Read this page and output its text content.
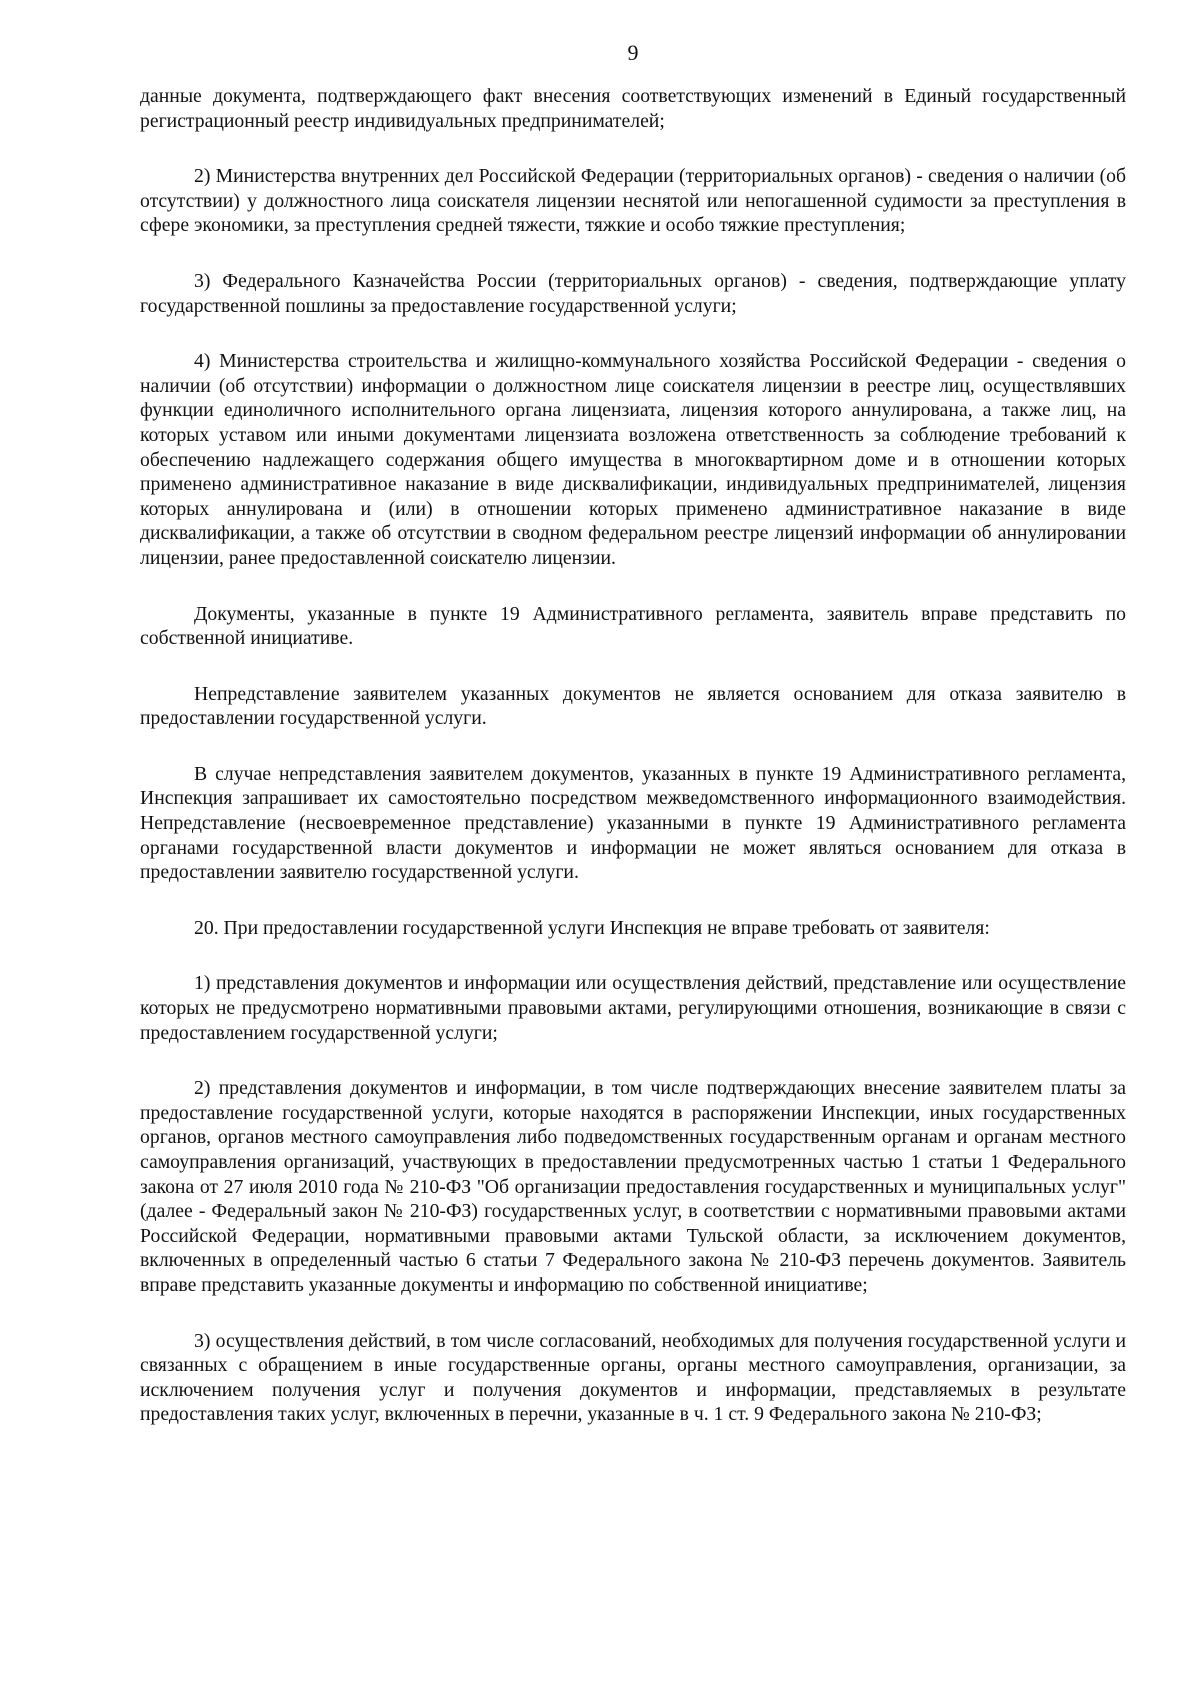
9

данные документа, подтверждающего факт внесения соответствующих изменений в Единый государственный регистрационный реестр индивидуальных предпринимателей;

2) Министерства внутренних дел Российской Федерации (территориальных органов) - сведения о наличии (об отсутствии) у должностного лица соискателя лицензии неснятой или непогашенной судимости за преступления в сфере экономики, за преступления средней тяжести, тяжкие и особо тяжкие преступления;

3) Федерального Казначейства России (территориальных органов) - сведения, подтверждающие уплату государственной пошлины за предоставление государственной услуги;

4) Министерства строительства и жилищно-коммунального хозяйства Российской Федерации - сведения о наличии (об отсутствии) информации о должностном лице соискателя лицензии в реестре лиц, осуществлявших функции единоличного исполнительного органа лицензиата, лицензия которого аннулирована, а также лиц, на которых уставом или иными документами лицензиата возложена ответственность за соблюдение требований к обеспечению надлежащего содержания общего имущества в многоквартирном доме и в отношении которых применено административное наказание в виде дисквалификации, индивидуальных предпринимателей, лицензия которых аннулирована и (или) в отношении которых применено административное наказание в виде дисквалификации, а также об отсутствии в сводном федеральном реестре лицензий информации об аннулировании лицензии, ранее предоставленной соискателю лицензии.

Документы, указанные в пункте 19 Административного регламента, заявитель вправе представить по собственной инициативе.

Непредставление заявителем указанных документов не является основанием для отказа заявителю в предоставлении государственной услуги.

В случае непредставления заявителем документов, указанных в пункте 19 Административного регламента, Инспекция запрашивает их самостоятельно посредством межведомственного информационного взаимодействия. Непредставление (несвоевременное представление) указанными в пункте 19 Административного регламента органами государственной власти документов и информации не может являться основанием для отказа в предоставлении заявителю государственной услуги.

20. При предоставлении государственной услуги Инспекция не вправе требовать от заявителя:

1) представления документов и информации или осуществления действий, представление или осуществление которых не предусмотрено нормативными правовыми актами, регулирующими отношения, возникающие в связи с предоставлением государственной услуги;

2) представления документов и информации, в том числе подтверждающих внесение заявителем платы за предоставление государственной услуги, которые находятся в распоряжении Инспекции, иных государственных органов, органов местного самоуправления либо подведомственных государственным органам и органам местного самоуправления организаций, участвующих в предоставлении предусмотренных частью 1 статьи 1 Федерального закона от 27 июля 2010 года № 210-ФЗ "Об организации предоставления государственных и муниципальных услуг" (далее - Федеральный закон № 210-ФЗ) государственных услуг, в соответствии с нормативными правовыми актами Российской Федерации, нормативными правовыми актами Тульской области, за исключением документов, включенных в определенный частью 6 статьи 7 Федерального закона № 210-ФЗ перечень документов. Заявитель вправе представить указанные документы и информацию по собственной инициативе;

3) осуществления действий, в том числе согласований, необходимых для получения государственной услуги и связанных с обращением в иные государственные органы, органы местного самоуправления, организации, за исключением получения услуг и получения документов и информации, представляемых в результате предоставления таких услуг, включенных в перечни, указанные в ч. 1 ст. 9 Федерального закона № 210-ФЗ;
